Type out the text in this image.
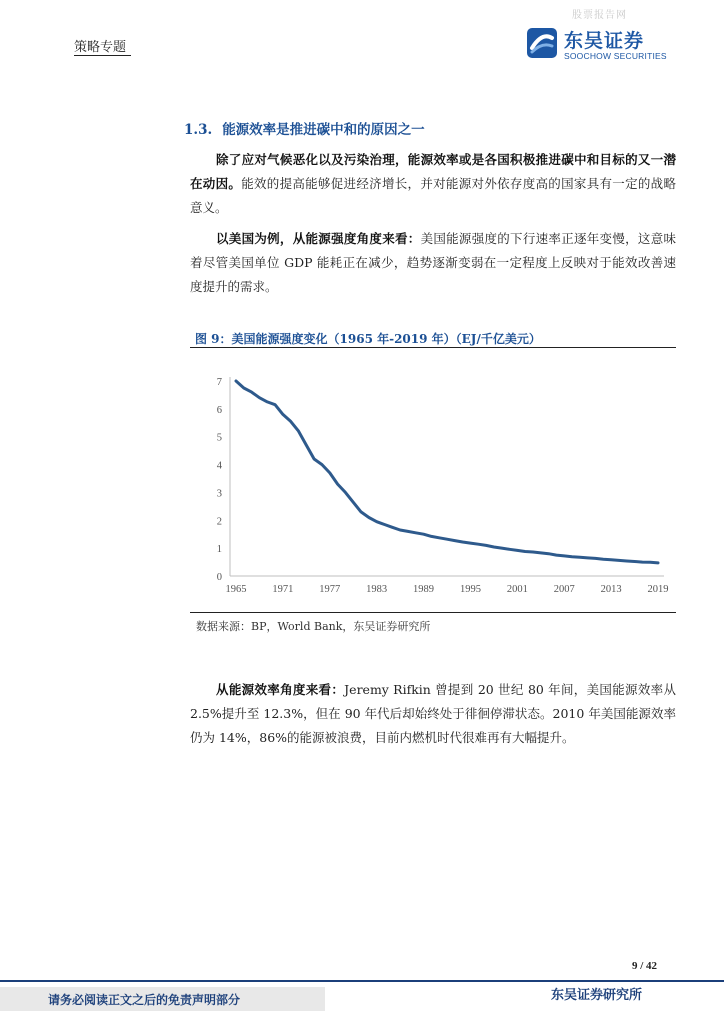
股票报告网
策略专题	东吴证券
SOOCHOW SECURITIES
1.3. 能源效率是推进碳中和的原因之一
除了应对气候恶化以及污染治理，能源效率或是各国积极推进碳中和目标的又一潜在动因。能效的提高能够促进经济增长，并对能源对外依存度高的国家具有一定的战略意义。
以美国为例，从能源强度角度来看：美国能源强度的下行速率正逐年变慢，这意味着尽管美国单位 GDP 能耗正在减少，趋势逐渐变弱在一定程度上反映对于能效改善速度提升的需求。
图 9：美国能源强度变化（1965 年-2019 年）（EJ/千亿美元）
0
1
2
3
4
5
6
7
1965 1971 1977 1983 1989 1995 2001 2007 2013 2019
数据来源：BP，World Bank，东吴证券研究所
从能源效率角度来看：Jeremy Rifkin 曾提到 20 世纪 80 年间，美国能源效率从 2.5%提升至 12.3%，但在 90 年代后却始终处于徘徊停滞状态。2010 年美国能源效率仍为 14%，86%的能源被浪费，目前内燃机时代很难再有大幅提升。
9 / 42
请务必阅读正文之后的免责声明部分	东吴证券研究所
